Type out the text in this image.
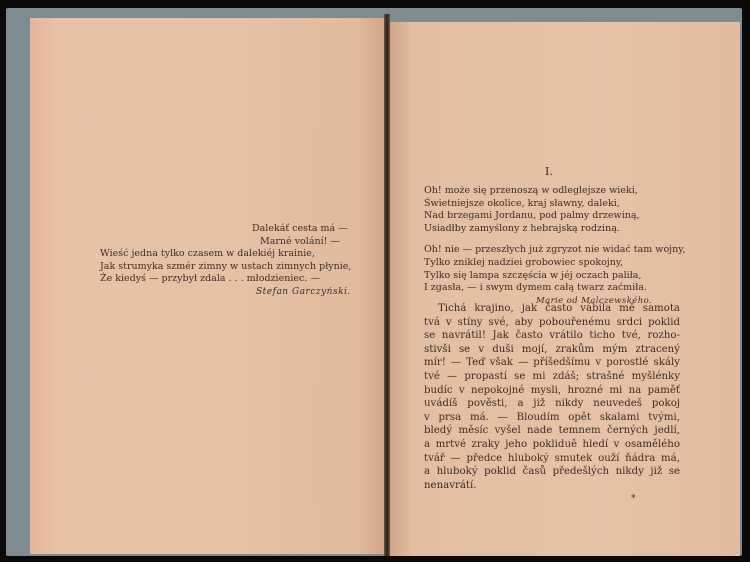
Dalekáť cesta má —
Marné volání! —
Wieść jedna tylko czasem w dalekiéj krainie,
Jak strumyka szmér zimny w ustach zimnych płynie,
Że kiedyś — przybył zdala . . . młodzieniec. —
Stefan Garczyński.
I.
Oh! może się przenoszą w odleglejsze wieki,
Świetniejsze okolice, kraj sławny, daleki,
Nad brzegami Jordanu, pod palmy drzewiną,
Usiadłby zamyślony z hebrajską rodziną.
Oh! nie — przeszłych już zgryzot nie widać tam wojny,
Tylko zniklej nadziei grobowiec spokojny,
Tylko się lampa szczęścia w jéj oczach paliła,
I zgasła, — i swym dymem całą twarz zaćmiła.
Marie od Malczewského.
Tichá krajino, jak často vábila mě samota
tvá v stíny své, aby pobouřenému srdci poklid
se navrátil! Jak často vrátilo ticho tvé, rozho-
stivši se v duši mojí, zrakům mým ztracený
mír! — Teď však — příšedšímu v porostlé skály
tvé — propastí se mi zdáš; strašné myšlénky
budíc v nepokojné mysli, hrozné mi na paměť
uvádíš pověsti, a již nikdy neuvedeš pokoj
v prsa má. — Bloudím opět skalami tvými,
bledý měsíc vyšel nade temnem černých jedlí,
a mrtvé zraky jeho pokliduě hledí v osamělého
tvář — předce hluboký smutek ouží ňádra má,
a hluboký poklid časů předešlých nikdy již se
nenavrátí.
*
